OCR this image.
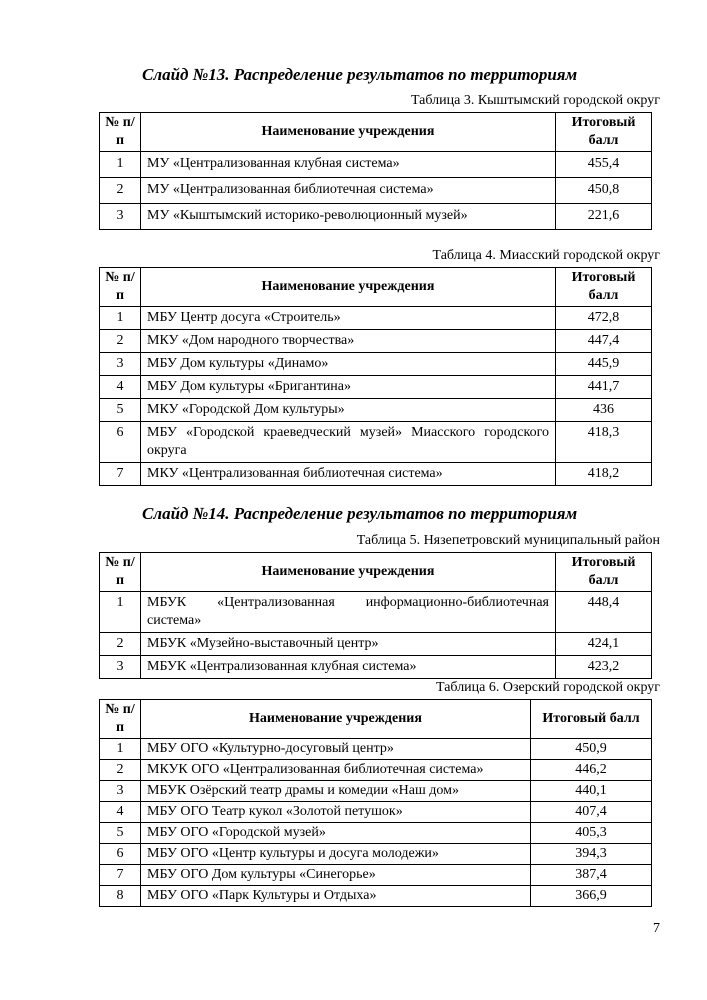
Слайд №13. Распределение результатов по территориям
Таблица 3. Кыштымский городской округ
№ п/п	Наименование учреждения	Итоговый балл
1	МУ «Централизованная клубная система»	455,4
2	МУ «Централизованная библиотечная система»	450,8
3	МУ «Кыштымский историко-революционный музей»	221,6
Таблица 4. Миасский городской округ
№ п/п	Наименование учреждения	Итоговый балл
1	МБУ Центр досуга «Строитель»	472,8
2	МКУ «Дом народного творчества»	447,4
3	МБУ Дом культуры «Динамо»	445,9
4	МБУ Дом культуры «Бригантина»	441,7
5	МКУ «Городской Дом культуры»	436
6	МБУ «Городской краеведческий музей» Миасского городского округа	418,3
7	МКУ «Централизованная библиотечная система»	418,2
Слайд №14. Распределение результатов по территориям
Таблица 5. Нязепетровский муниципальный район
№ п/п	Наименование учреждения	Итоговый балл
1	МБУК «Централизованная информационно-библиотечная система»	448,4
2	МБУК «Музейно-выставочный центр»	424,1
3	МБУК «Централизованная клубная система»	423,2
Таблица 6. Озерский городской округ
№ п/п	Наименование учреждения	Итоговый балл
1	МБУ ОГО «Культурно-досуговый центр»	450,9
2	МКУК ОГО «Централизованная библиотечная система»	446,2
3	МБУК Озёрский театр драмы и комедии «Наш дом»	440,1
4	МБУ ОГО Театр кукол «Золотой петушок»	407,4
5	МБУ ОГО «Городской музей»	405,3
6	МБУ ОГО «Центр культуры и досуга молодежи»	394,3
7	МБУ ОГО Дом культуры «Синегорье»	387,4
8	МБУ ОГО «Парк Культуры и Отдыха»	366,9
7
